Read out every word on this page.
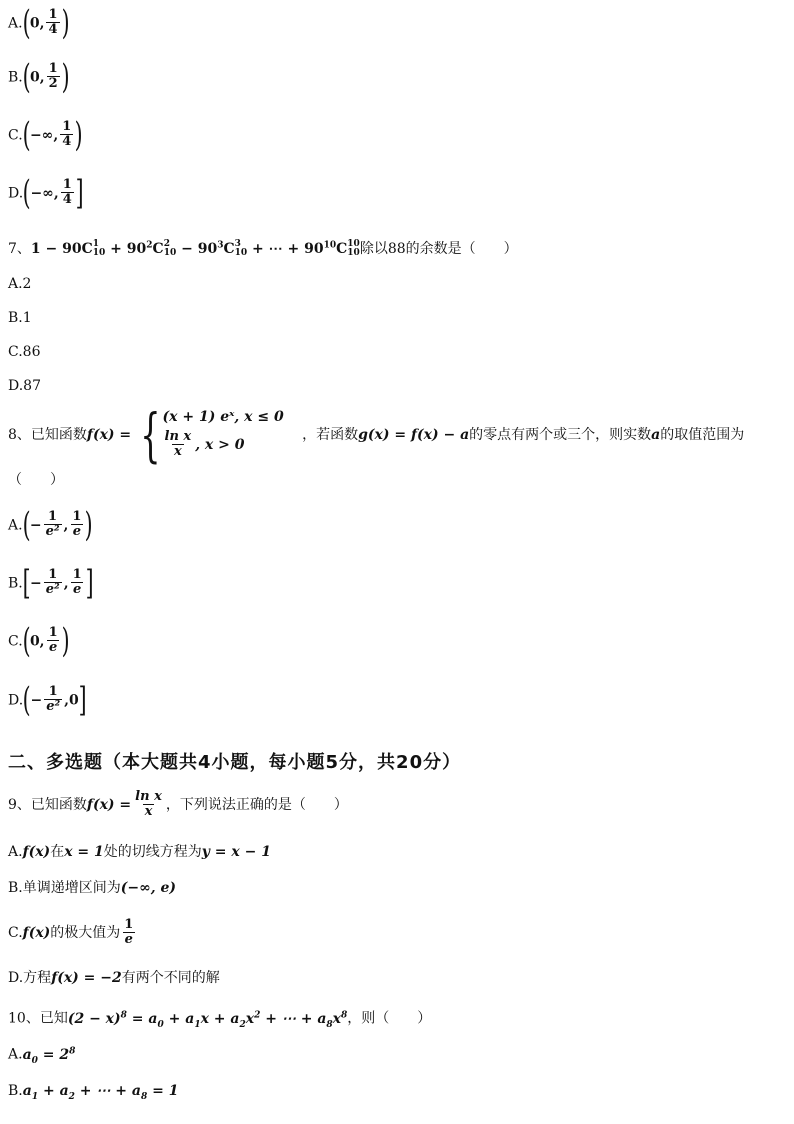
A.(0, $\frac{1}{4}$ )
B.(0, $\frac{1}{2}$ )
C.(−∞, $\frac{1}{4}$ )
D.(−∞, $\frac{1}{4}$ ]
7、1 − 90C 1
$10 + 90^2C$ 2
$10 - 90^3C$ 3
10 + ⋯ + $90^{10}C$ 10
10 除以88的余数是（　　）
A.2
B.1
C.86
D.87
8、已知函数f(x) = { (x + 1) eˣ, x ≤ 0
$\frac{\text{ln x}}{x}$ , x > 0
，若函数g(x) = f(x) − a的零点有两个或三个，则实数a的取值范围为
（　　）
$A.(- \frac{1}{\text{e²}}$ , $\frac{1}{e}$ )
$B.[- \frac{1}{\text{e²}}$ , $\frac{1}{e}$ ]
C.(0, $\frac{1}{e}$ )
$D.(- \frac{1}{\text{e²}} ,0]$
二、多选题（本大题共4小题，每小题5分，共20分）
9、已知函数$f(x) = \frac{\text{ln x}}{x}$ ，下列说法正确的是（　　）
A.f(x)在x = 1处的切线方程为y = x − 1
B.单调递增区间为(−∞, e)
C.f(x)的极大值为 $\frac{1}{e}$
D.方程f(x) = −2有两个不同的解
10、已知$(2 - x)^8 = a_0 + a_1x + a_2x^2$ + ⋯ + $a_8x^8$，则（　　）
$A.a_0 = 2^8$
$B.a_1 + a_2$ + ⋯ + $a_8 = 1$
